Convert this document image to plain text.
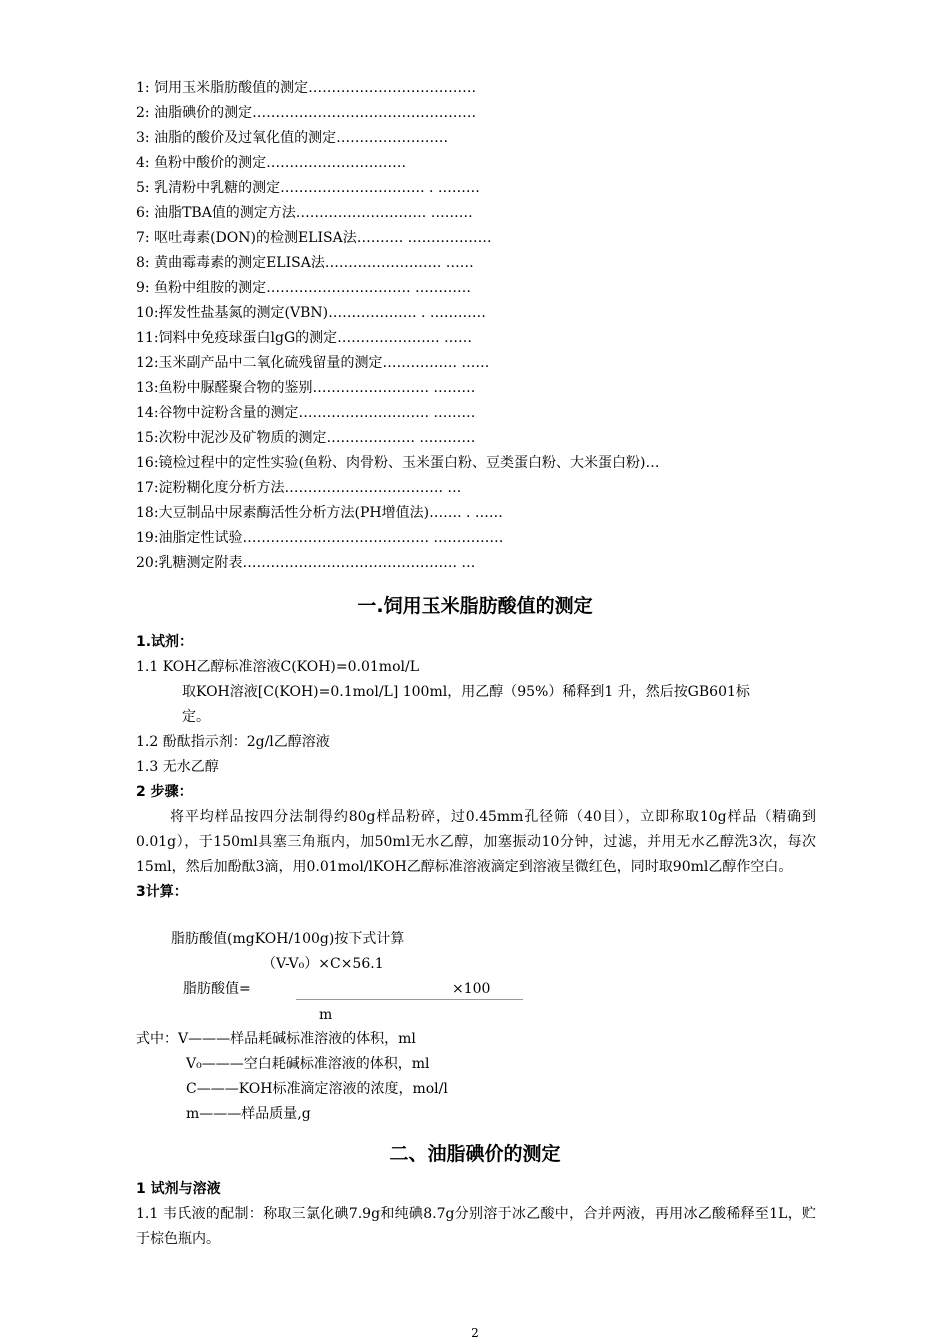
1: 饲用玉米脂肪酸值的测定………………………………
2: 油脂碘价的测定…………………………………………
3: 油脂的酸价及过氧化值的测定……………………
4: 鱼粉中酸价的测定…………………………
5: 乳清粉中乳糖的测定…………………………. . ………
6: 油脂TBA值的测定方法………………………. ………
7: 呕吐毒素(DON)的检测ELISA法………. ………………
8: 黄曲霉毒素的测定ELISA法……………………. ……
9: 鱼粉中组胺的测定…………………………. …………
10:挥发性盐基氮的测定(VBN)………………. . …………
11:饲料中免疫球蛋白lgG的测定…………………. ……
12:玉米副产品中二氧化硫残留量的测定……………. ……
13:鱼粉中脲醛聚合物的鉴别……………………. ………
14:谷物中淀粉含量的测定………………………. ………
15:次粉中泥沙及矿物质的测定………………. …………
16:镜检过程中的定性实验(鱼粉、肉骨粉、玉米蛋白粉、豆类蛋白粉、大米蛋白粉)…
17:淀粉糊化度分析方法……………………………. …
18:大豆制品中尿素酶活性分析方法(PH增值法)……. . ……
19:油脂定性试验…………………………………. ……………
20:乳糖测定附表………………………………………. …
一.饲用玉米脂肪酸值的测定
1.试剂：
1.1 KOH乙醇标准溶液C(KOH)=0.01mol/L
取KOH溶液[C(KOH)=0.1mol/L] 100ml，用乙醇（95%）稀释到1 升，然后按GB601标
定。
1.2 酚酞指示剂：2g/l乙醇溶液
1.3 无水乙醇
2 步骤：
将平均样品按四分法制得约80g样品粉碎，过0.45mm孔径筛（40目），立即称取10g样品（精确到0.01g），于150ml具塞三角瓶内，加50ml无水乙醇，加塞振动10分钟，过滤，并用无水乙醇洗3次，每次15ml，然后加酚酞3滴，用0.01mol/lKOH乙醇标准溶液滴定到溶液呈微红色，同时取90ml乙醇作空白。
3计算：
脂肪酸值(mgKOH/100g)按下式计算
（V-V₀）×C×56.1
脂肪酸值=	×100
m
式中：V———样品耗碱标准溶液的体积，ml
V₀———空白耗碱标准溶液的体积，ml
C———KOH标准滴定溶液的浓度，mol/l
m———样品质量,g
二、油脂碘价的测定
1 试剂与溶液
1.1 韦氏液的配制：称取三氯化碘7.9g和纯碘8.7g分别溶于冰乙酸中，合并两液，再用冰乙酸稀释至1L，贮于棕色瓶内。
2
